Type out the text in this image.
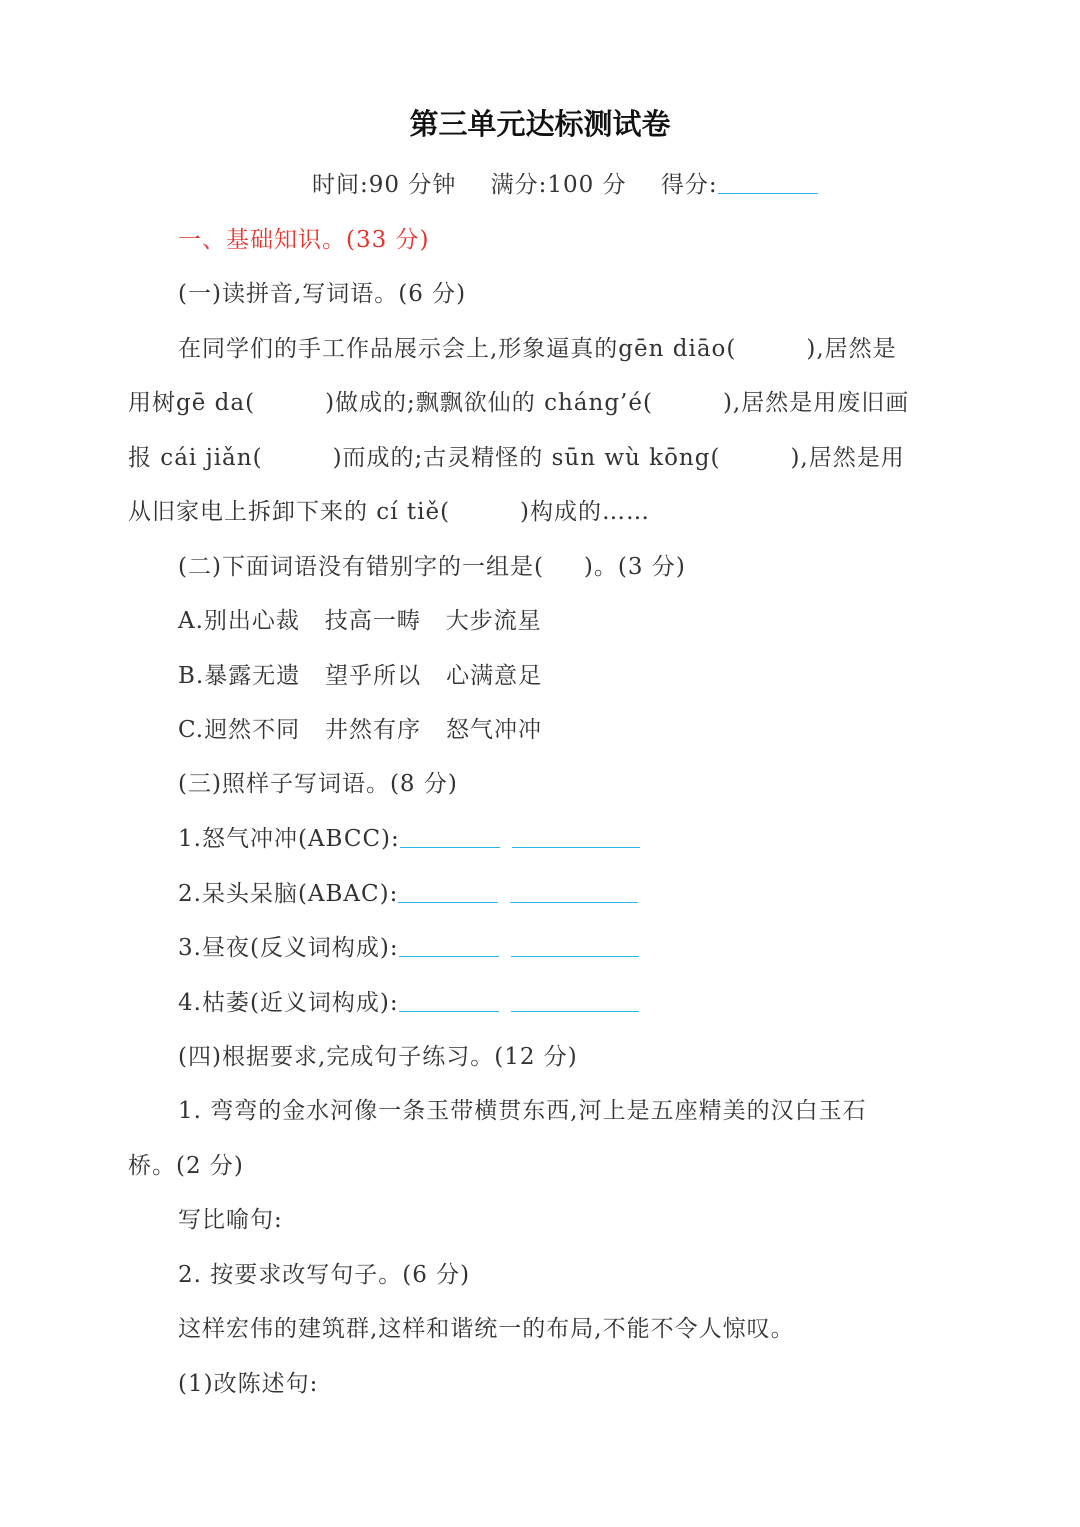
第三单元达标测试卷
时间:90 分钟 满分:100 分 得分:
一、基础知识。(33 分)
(一)读拼音,写词语。(6 分)
在同学们的手工作品展示会上,形象逼真的gēn diāo(	),居然是
用树gē da(	)做成的;飘飘欲仙的 cháng’é(	),居然是用废旧画
报 cái jiǎn(	)而成的;古灵精怪的 sūn wù kōng(	),居然是用
从旧家电上拆卸下来的 cí tiě(	)构成的……
(二)下面词语没有错别字的一组是( )。(3 分)
A.别出心裁   技高一畴   大步流星
B.暴露无遗   望乎所以   心满意足
C.迥然不同   井然有序   怒气冲冲
(三)照样子写词语。(8 分)
1.怒气冲冲(ABCC):
2.呆头呆脑(ABAC):
3.昼夜(反义词构成):
4.枯萎(近义词构成):
(四)根据要求,完成句子练习。(12 分)
1. 弯弯的金水河像一条玉带横贯东西,河上是五座精美的汉白玉石
桥。(2 分)
写比喻句:
2. 按要求改写句子。(6 分)
这样宏伟的建筑群,这样和谐统一的布局,不能不令人惊叹。
(1)改陈述句:
